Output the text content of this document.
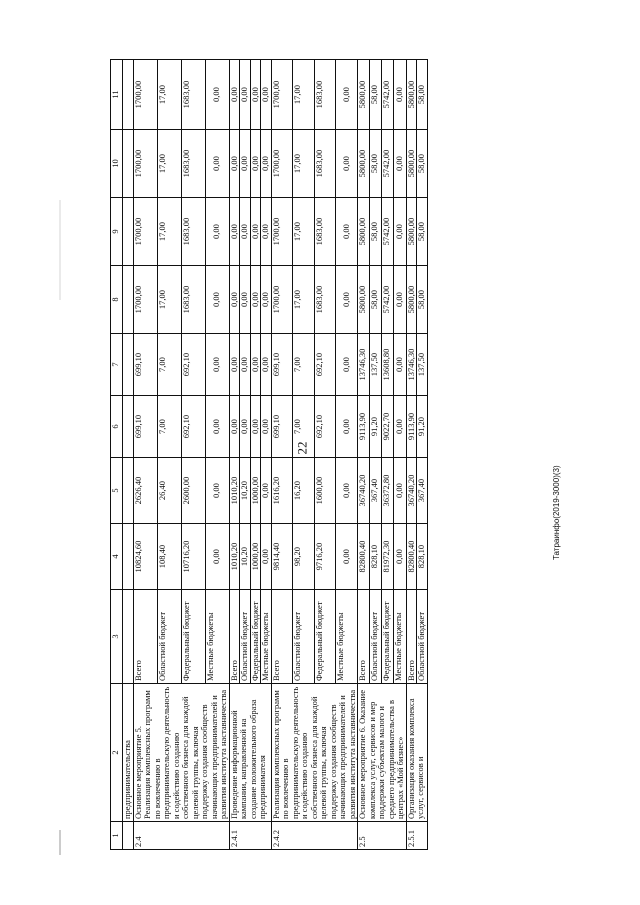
22
Татраинфо(2019-3000)(3)
1	2	3	4	5	6	7	8	9	10	11
	предпринимательства									
2.4	Основное мероприятие 5. Реализация комплексных программ по вовлечению в предпринимательскую деятельность и содействию созданию собственного бизнеса для каждой целевой группы, включая поддержку создания сообществ начинающих предпринимателей и развития института наставничества	Всего	10824,60	2626,40	699,10	699,10	1700,00	1700,00	1700,00	1700,00
		Областной бюджет	108,40	26,40	7,00	7,00	17,00	17,00	17,00	17,00
		Федеральный бюджет	10716,20	2600,00	692,10	692,10	1683,00	1683,00	1683,00	1683,00
		Местные бюджеты	0,00	0,00	0,00	0,00	0,00	0,00	0,00	0,00
2.4.1	Проведение информационной кампании, направленной на создание положительного образа предпринимателя	Всего	1010,20	1010,20	0,00	0,00	0,00	0,00	0,00	0,00
		Областной бюджет	10,20	10,20	0,00	0,00	0,00	0,00	0,00	0,00
		Федеральный бюджет	1000,00	1000,00	0,00	0,00	0,00	0,00	0,00	0,00
		Местные бюджеты	0,00	0,00	0,00	0,00	0,00	0,00	0,00	0,00
2.4.2	Реализация комплексных программ по вовлечению в предпринимательскую деятельность и содействию созданию собственного бизнеса для каждой целевой группы, включая поддержку создания сообществ начинающих предпринимателей и развития института наставничества	Всего	9814,40	1616,20	699,10	699,10	1700,00	1700,00	1700,00	1700,00
		Областной бюджет	98,20	16,20	7,00	7,00	17,00	17,00	17,00	17,00
		Федеральный бюджет	9716,20	1600,00	692,10	692,10	1683,00	1683,00	1683,00	1683,00
		Местные бюджеты	0,00	0,00	0,00	0,00	0,00	0,00	0,00	0,00
2.5	Основное мероприятие 6. Оказание комплекса услуг, сервисов и мер поддержки субъектам малого и среднего предпринимательства в центрах «Мой бизнес»	Всего	82800,40	36740,20	9113,90	13746,30	5800,00	5800,00	5800,00	5800,00
		Областной бюджет	828,10	367,40	91,20	137,50	58,00	58,00	58,00	58,00
		Федеральный бюджет	81972,30	36372,80	9022,70	13608,80	5742,00	5742,00	5742,00	5742,00
		Местные бюджеты	0,00	0,00	0,00	0,00	0,00	0,00	0,00	0,00
2.5.1	Организация оказания комплекса услуг, сервисов и	Всего	82800,40	36740,20	9113,90	13746,30	5800,00	5800,00	5800,00	5800,00
		Областной бюджет	828,10	367,40	91,20	137,50	58,00	58,00	58,00	58,00
